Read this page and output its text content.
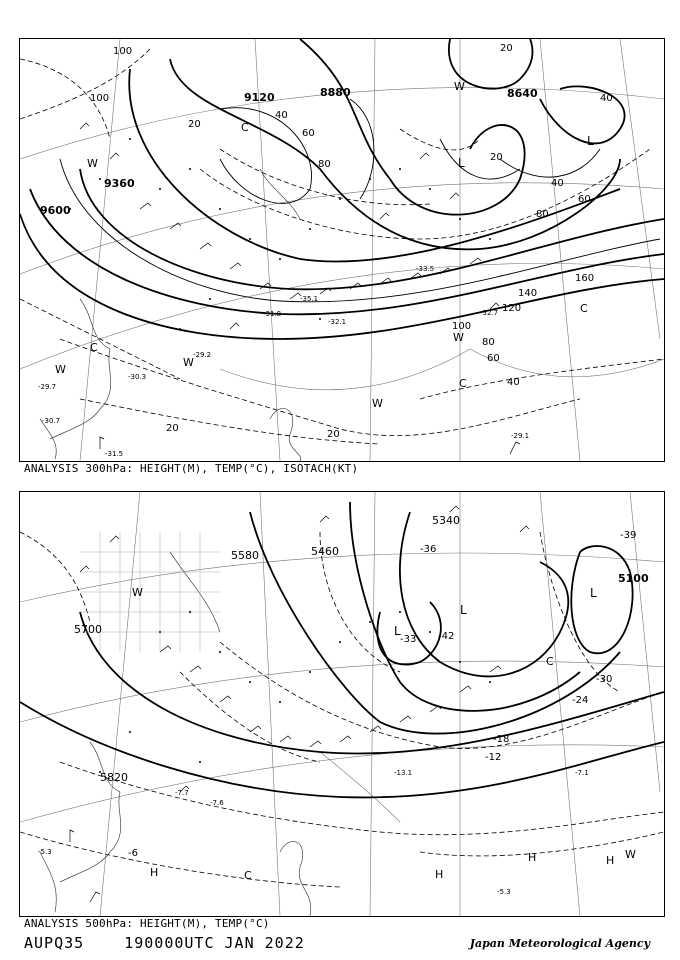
9120	8880	8640
9360
9600
100
100
20
40
60
80
20
40
60
80
160
140
120
100
80
60
40
20
20
20
40
L
L
C
C
C
C
W
W
W
W
W
W
-29.1
-31.5
-30.3
-29.2
-32.1
-29.7
-30.7
-35.1
-31.8
-33.5
-32.7
ANALYSIS 300hPa: HEIGHT(M), TEMP(°C), ISOTACH(KT)
5700
5580	5460
5340
5100
5820
-36
-42
-39
-30
-24
-18
-12
-6
-33
L
L
L
H	H
H	H
C
C
W
W
-7.1
-13.1
-7.7
-7.6
-5.3
-5.3
ANALYSIS 500hPa: HEIGHT(M), TEMP(°C)
AUPQ35	190000UTC JAN 2022	Japan Meteorological Agency
